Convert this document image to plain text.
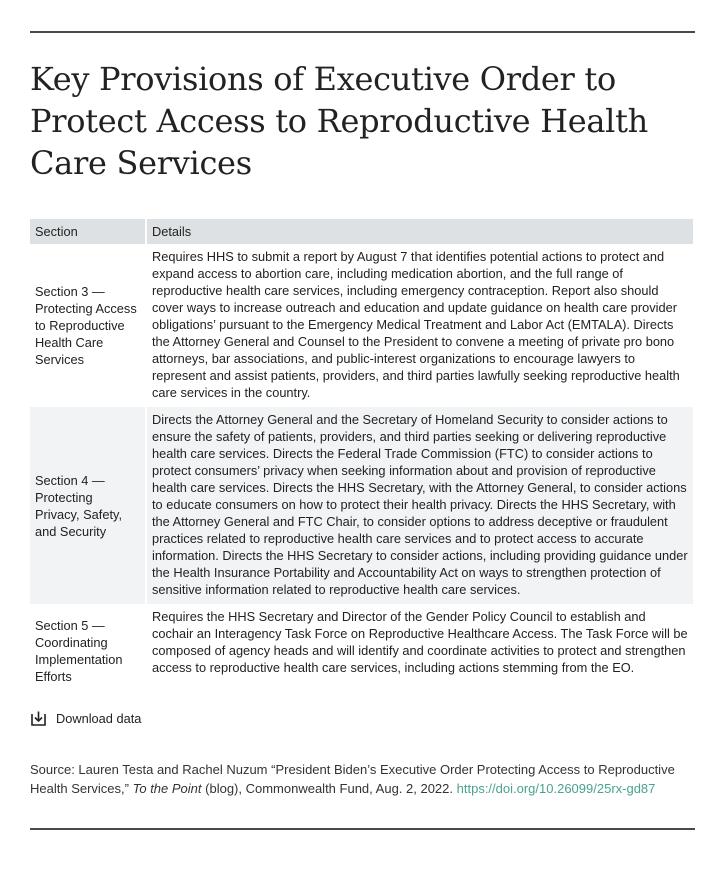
Key Provisions of Executive Order to Protect Access to Reproductive Health Care Services
Section	Details
Section 3 — Protecting Access to Reproductive Health Care Services	Requires HHS to submit a report by August 7 that identifies potential actions to protect and expand access to abortion care, including medication abortion, and the full range of reproductive health care services, including emergency contraception. Report also should cover ways to increase outreach and education and update guidance on health care provider obligations’ pursuant to the Emergency Medical Treatment and Labor Act (EMTALA). Directs the Attorney General and Counsel to the President to convene a meeting of private pro bono attorneys, bar associations, and public-interest organizations to encourage lawyers to represent and assist patients, providers, and third parties lawfully seeking reproductive health care services in the country.
Section 4 — Protecting Privacy, Safety, and Security	Directs the Attorney General and the Secretary of Homeland Security to consider actions to ensure the safety of patients, providers, and third parties seeking or delivering reproductive health care services. Directs the Federal Trade Commission (FTC) to consider actions to protect consumers’ privacy when seeking information about and provision of reproductive health care services. Directs the HHS Secretary, with the Attorney General, to consider actions to educate consumers on how to protect their health privacy. Directs the HHS Secretary, with the Attorney General and FTC Chair, to consider options to address deceptive or fraudulent practices related to reproductive health care services and to protect access to accurate information. Directs the HHS Secretary to consider actions, including providing guidance under the Health Insurance Portability and Accountability Act on ways to strengthen protection of sensitive information related to reproductive health care services.
Section 5 — Coordinating Implementation Efforts	Requires the HHS Secretary and Director of the Gender Policy Council to establish and cochair an Interagency Task Force on Reproductive Healthcare Access. The Task Force will be composed of agency heads and will identify and coordinate activities to protect and strengthen access to reproductive health care services, including actions stemming from the EO.
Download data
Source: Lauren Testa and Rachel Nuzum “President Biden’s Executive Order Protecting Access to Reproductive Health Services,” To the Point (blog), Commonwealth Fund, Aug. 2, 2022. https://doi.org/10.26099/25rx-gd87
